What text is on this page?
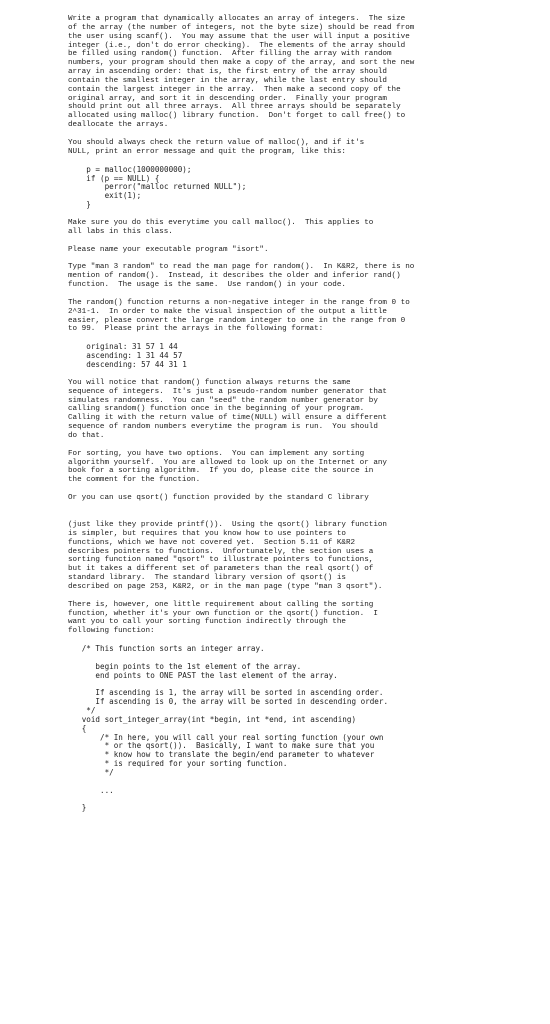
Write a program that dynamically allocates an array of integers.  The size
of the array (the number of integers, not the byte size) should be read from
the user using scanf().  You may assume that the user will input a positive
integer (i.e., don't do error checking).  The elements of the array should
be filled using random() function.  After filling the array with random
numbers, your program should then make a copy of the array, and sort the new
array in ascending order: that is, the first entry of the array should
contain the smallest integer in the array, while the last entry should
contain the largest integer in the array.  Then make a second copy of the
original array, and sort it in descending order.  Finally your program
should print out all three arrays.  All three arrays should be separately
allocated using malloc() library function.  Don't forget to call free() to
deallocate the arrays.

You should always check the return value of malloc(), and if it's
NULL, print an error message and quit the program, like this:

p = malloc(1000000000);
if (p == NULL) {
perror("malloc returned NULL");
exit(1);
}

Make sure you do this everytime you call malloc().  This applies to
all labs in this class.

Please name your executable program "isort".

Type "man 3 random" to read the man page for random().  In K&R2, there is no
mention of random().  Instead, it describes the older and inferior rand()
function.  The usage is the same.  Use random() in your code.

The random() function returns a non-negative integer in the range from 0 to
2^31-1.  In order to make the visual inspection of the output a little
easier, please convert the large random integer to one in the range from 0
to 99.  Please print the arrays in the following format:

original: 31 57 1 44
ascending: 1 31 44 57
descending: 57 44 31 1

You will notice that random() function always returns the same
sequence of integers.  It's just a pseudo-random number generator that
simulates randomness.  You can "seed" the random number generator by
calling srandom() function once in the beginning of your program.
Calling it with the return value of time(NULL) will ensure a different
sequence of random numbers everytime the program is run.  You should
do that.

For sorting, you have two options.  You can implement any sorting
algorithm yourself.  You are allowed to look up on the Internet or any
book for a sorting algorithm.  If you do, please cite the source in
the comment for the function.

Or you can use qsort() function provided by the standard C library

(just like they provide printf()).  Using the qsort() library function
is simpler, but requires that you know how to use pointers to
functions, which we have not covered yet.  Section 5.11 of K&R2
describes pointers to functions.  Unfortunately, the section uses a
sorting function named "qsort" to illustrate pointers to functions,
but it takes a different set of parameters than the real qsort() of
standard library.  The standard library version of qsort() is
described on page 253, K&R2, or in the man page (type "man 3 qsort").

There is, however, one little requirement about calling the sorting
function, whether it's your own function or the qsort() function.  I
want you to call your sorting function indirectly through the
following function:

/* This function sorts an integer array.

begin points to the 1st element of the array.
end points to ONE PAST the last element of the array.

If ascending is 1, the array will be sorted in ascending order.
If ascending is 0, the array will be sorted in descending order.
*/
void sort_integer_array(int *begin, int *end, int ascending)
{
/* In here, you will call your real sorting function (your own
* or the qsort()).  Basically, I want to make sure that you
* know how to translate the begin/end parameter to whatever
* is required for your sorting function.
*/

...

}
